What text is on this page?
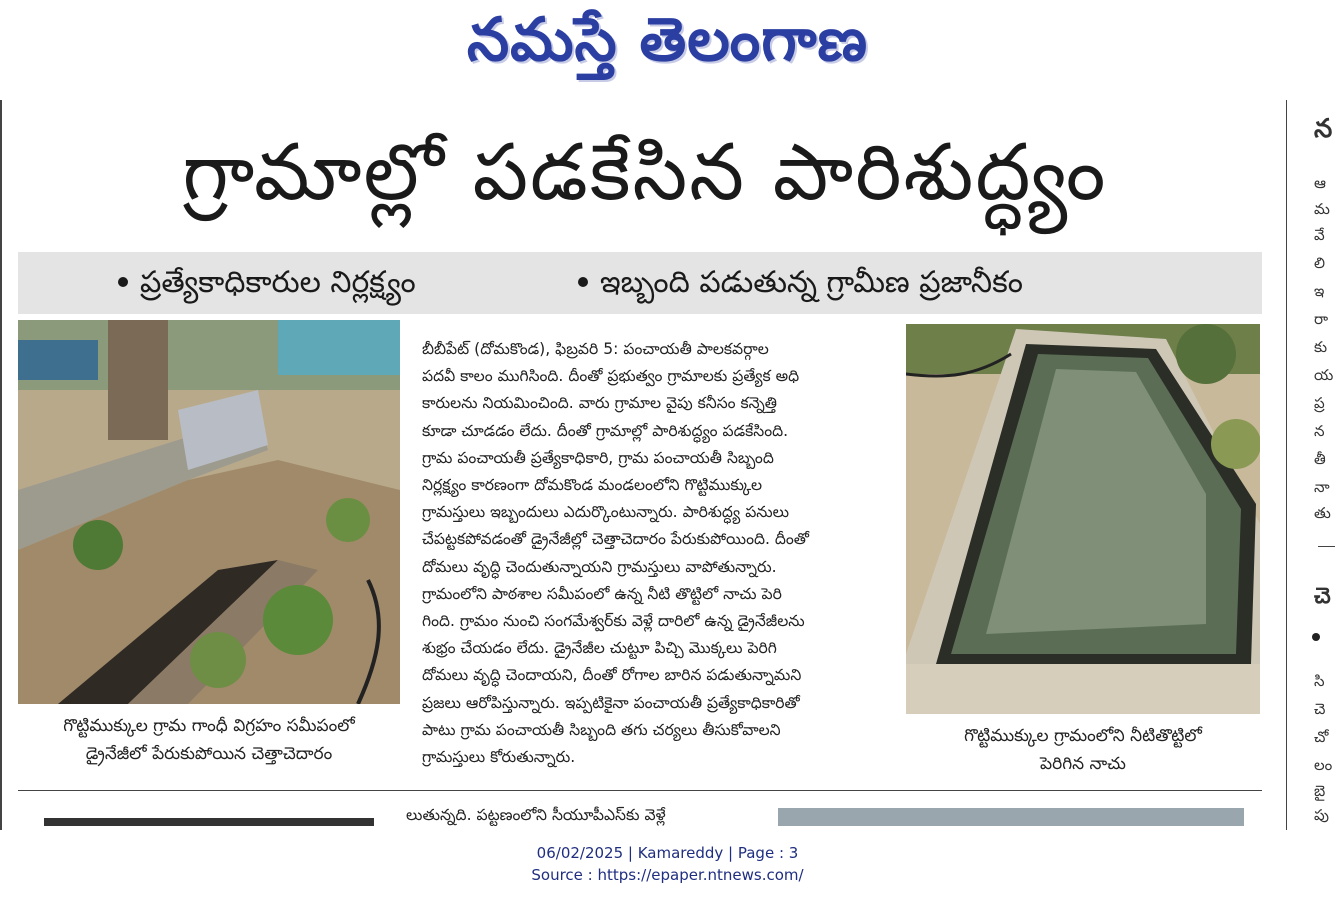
నమస్తే తెలంగాణ
గ్రామాల్లో పడకేసిన పారిశుద్ధ్యం
ప్రత్యేకాధికారుల నిర్లక్ష్యం	ఇబ్బంది పడుతున్న గ్రామీణ ప్రజానీకం
గొట్టిముక్కుల గ్రామ గాంధీ విగ్రహం సమీపంలో
డ్రైనేజీలో పేరుకుపోయిన చెత్తాచెదారం
బీబీపేట్ (దోమకొండ), ఫిబ్రవరి 5: పంచాయతీ పాలకవర్గాల
పదవీ కాలం ముగిసింది. దీంతో ప్రభుత్వం గ్రామాలకు ప్రత్యేక అధి
కారులను నియమించింది. వారు గ్రామాల వైపు కనీసం కన్నెత్తి
కూడా చూడడం లేదు. దీంతో గ్రామాల్లో పారిశుద్ధ్యం పడకేసింది.
గ్రామ పంచాయతీ ప్రత్యేకాధికారి, గ్రామ పంచాయతీ సిబ్బంది
నిర్లక్ష్యం కారణంగా దోమకొండ మండలంలోని గొట్టిముక్కుల
గ్రామస్తులు ఇబ్బందులు ఎదుర్కొంటున్నారు. పారిశుద్ధ్య పనులు
చేపట్టకపోవడంతో డ్రైనేజీల్లో చెత్తాచెదారం పేరుకుపోయింది. దీంతో
దోమలు వృద్ధి చెందుతున్నాయని గ్రామస్తులు వాపోతున్నారు.
గ్రామంలోని పాఠశాల సమీపంలో ఉన్న నీటి తొట్టిలో నాచు పెరి
గింది. గ్రామం నుంచి సంగమేశ్వర్‌కు వెళ్లే దారిలో ఉన్న డ్రైనేజీలను
శుభ్రం చేయడం లేదు. డ్రైనేజీల చుట్టూ పిచ్చి మొక్కలు పెరిగి
దోమలు వృద్ధి చెందాయని, దీంతో రోగాల బారిన పడుతున్నామని
ప్రజలు ఆరోపిస్తున్నారు. ఇప్పటికైనా పంచాయతీ ప్రత్యేకాధికారితో
పాటు గ్రామ పంచాయతీ సిబ్బంది తగు చర్యలు తీసుకోవాలని
గ్రామస్తులు కోరుతున్నారు.
గొట్టిముక్కుల గ్రామంలోని నీటితొట్టిలో
పెరిగిన నాచు
న
ఆ
మ
వే
లి
ఇ
రా
కు
య
ప్ర
న
తీ
నా
తు
చె
సి
చె
చో
లం
బై
పు
లుతున్నది. పట్టణంలోని సీయూపీఎస్‌కు వెళ్లే
06/02/2025 | Kamareddy | Page : 3
Source : https://epaper.ntnews.com/
